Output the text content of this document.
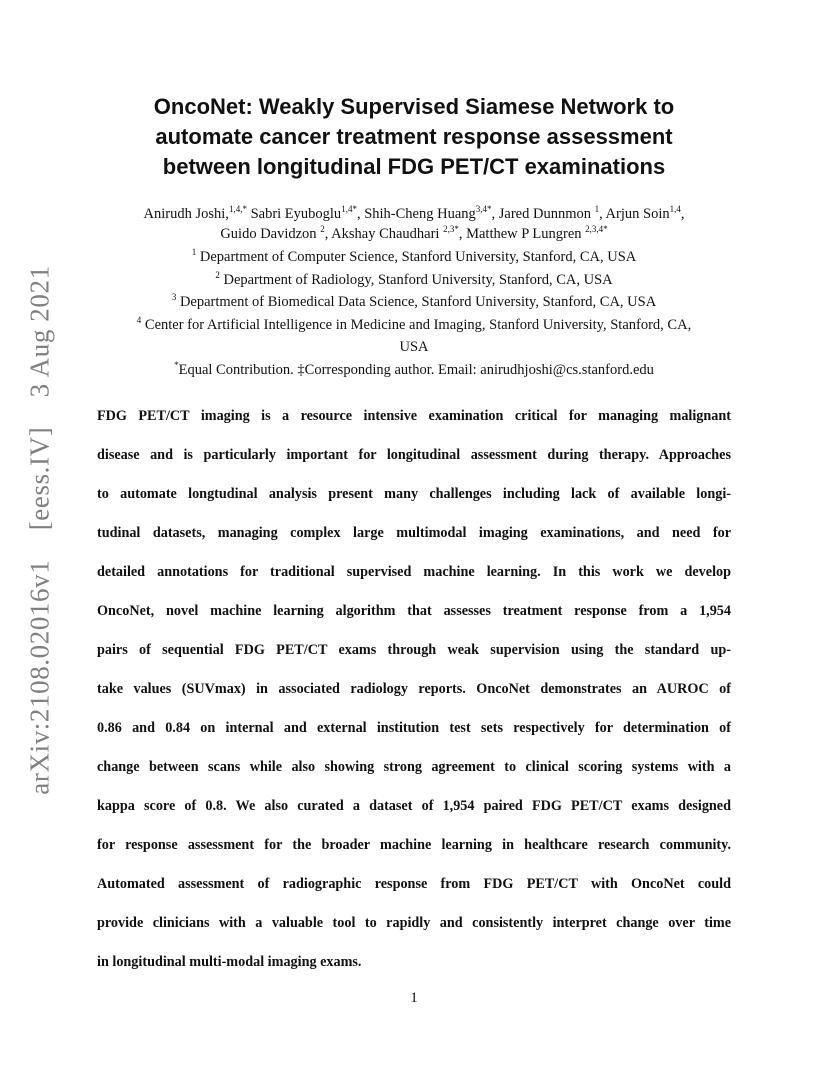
arXiv:2108.02016v1 [eess.IV] 3 Aug 2021
OncoNet: Weakly Supervised Siamese Network to
automate cancer treatment response assessment
between longitudinal FDG PET/CT examinations
Anirudh Joshi,$^{1,4,*}$ Sabri Eyuboglu$^{1,4*}$, Shih-Cheng Huang$^{3,4*}$, Jared Dunnmon $^1$, Arjun Soin$^{1,4}$,
Guido Davidzon $^2$, Akshay Chaudhari $^{2,3*}$, Matthew P Lungren $^{2,3,4*}$
$^1$ Department of Computer Science, Stanford University, Stanford, CA, USA
$^2$ Department of Radiology, Stanford University, Stanford, CA, USA
$^3$ Department of Biomedical Data Science, Stanford University, Stanford, CA, USA
$^4$ Center for Artificial Intelligence in Medicine and Imaging, Stanford University, Stanford, CA,
USA
*Equal Contribution. ‡Corresponding author. Email: anirudhjoshi@cs.stanford.edu
FDG PET/CT imaging is a resource intensive examination critical for managing malignant
disease and is particularly important for longitudinal assessment during therapy. Approaches
to automate longtudinal analysis present many challenges including lack of available longi-
tudinal datasets, managing complex large multimodal imaging examinations, and need for
detailed annotations for traditional supervised machine learning. In this work we develop
OncoNet, novel machine learning algorithm that assesses treatment response from a 1,954
pairs of sequential FDG PET/CT exams through weak supervision using the standard up-
take values (SUVmax) in associated radiology reports. OncoNet demonstrates an AUROC of
0.86 and 0.84 on internal and external institution test sets respectively for determination of
change between scans while also showing strong agreement to clinical scoring systems with a
kappa score of 0.8. We also curated a dataset of 1,954 paired FDG PET/CT exams designed
for response assessment for the broader machine learning in healthcare research community.
Automated assessment of radiographic response from FDG PET/CT with OncoNet could
provide clinicians with a valuable tool to rapidly and consistently interpret change over time
in longitudinal multi-modal imaging exams.
1
